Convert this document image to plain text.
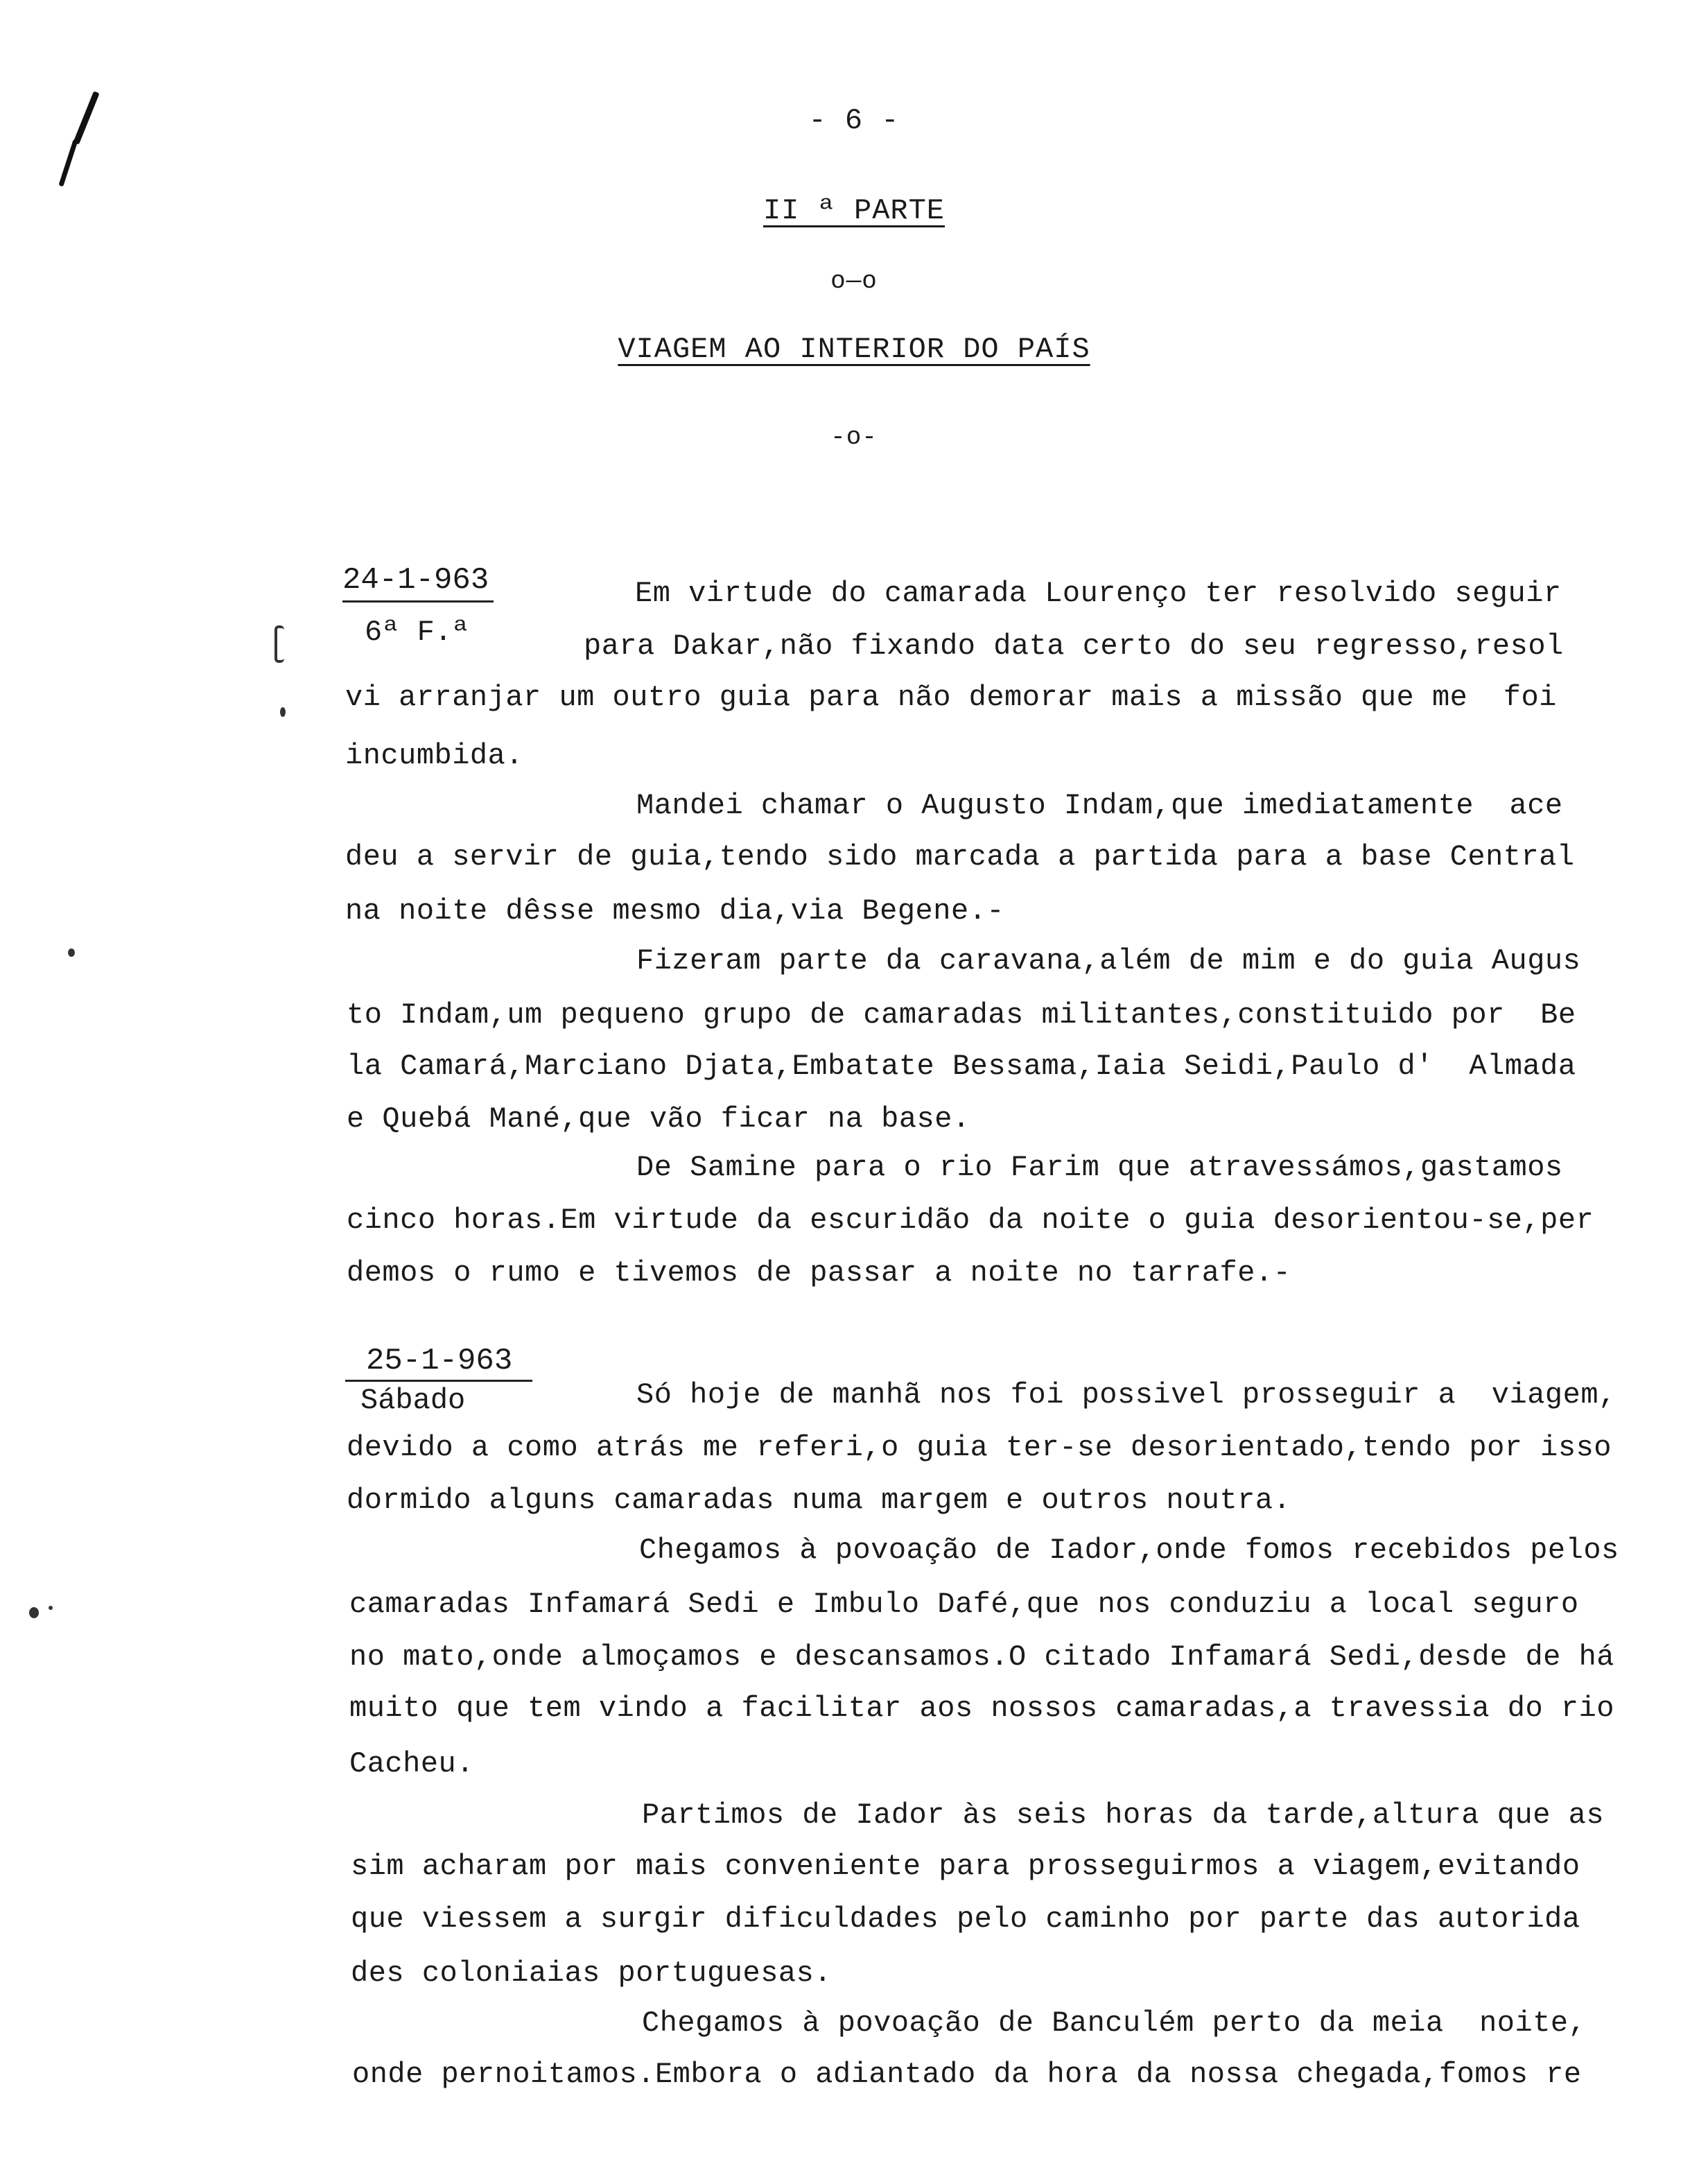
- 6 -
II ª PARTE
o—o
VIAGEM AO INTERIOR DO PAÍS
-o-
24-1-963
6ª F.ª
Em virtude do camarada Lourenço ter resolvido seguir
para Dakar,não fixando data certo do seu regresso,resol
vi arranjar um outro guia para não demorar mais a missão que me  foi
incumbida.
Mandei chamar o Augusto Indam,que imediatamente  ace
deu a servir de guia,tendo sido marcada a partida para a base Central
na noite dêsse mesmo dia,via Begene.-
Fizeram parte da caravana,além de mim e do guia Augus
to Indam,um pequeno grupo de camaradas militantes,constituido por  Be
la Camará,Marciano Djata,Embatate Bessama,Iaia Seidi,Paulo d'  Almada
e Quebá Mané,que vão ficar na base.
De Samine para o rio Farim que atravessámos,gastamos
cinco horas.Em virtude da escuridão da noite o guia desorientou-se,per
demos o rumo e tivemos de passar a noite no tarrafe.-
25-1-963
Sábado	Só hoje de manhã nos foi possivel prosseguir a  viagem,
devido a como atrás me referi,o guia ter-se desorientado,tendo por isso
dormido alguns camaradas numa margem e outros noutra.
Chegamos à povoação de Iador,onde fomos recebidos pelos
camaradas Infamará Sedi e Imbulo Dafé,que nos conduziu a local seguro
no mato,onde almoçamos e descansamos.O citado Infamará Sedi,desde de há
muito que tem vindo a facilitar aos nossos camaradas,a travessia do rio
Cacheu.
Partimos de Iador às seis horas da tarde,altura que as
sim acharam por mais conveniente para prosseguirmos a viagem,evitando
que viessem a surgir dificuldades pelo caminho por parte das autorida
des coloniaias portuguesas.
Chegamos à povoação de Banculém perto da meia  noite,
onde pernoitamos.Embora o adiantado da hora da nossa chegada,fomos re
